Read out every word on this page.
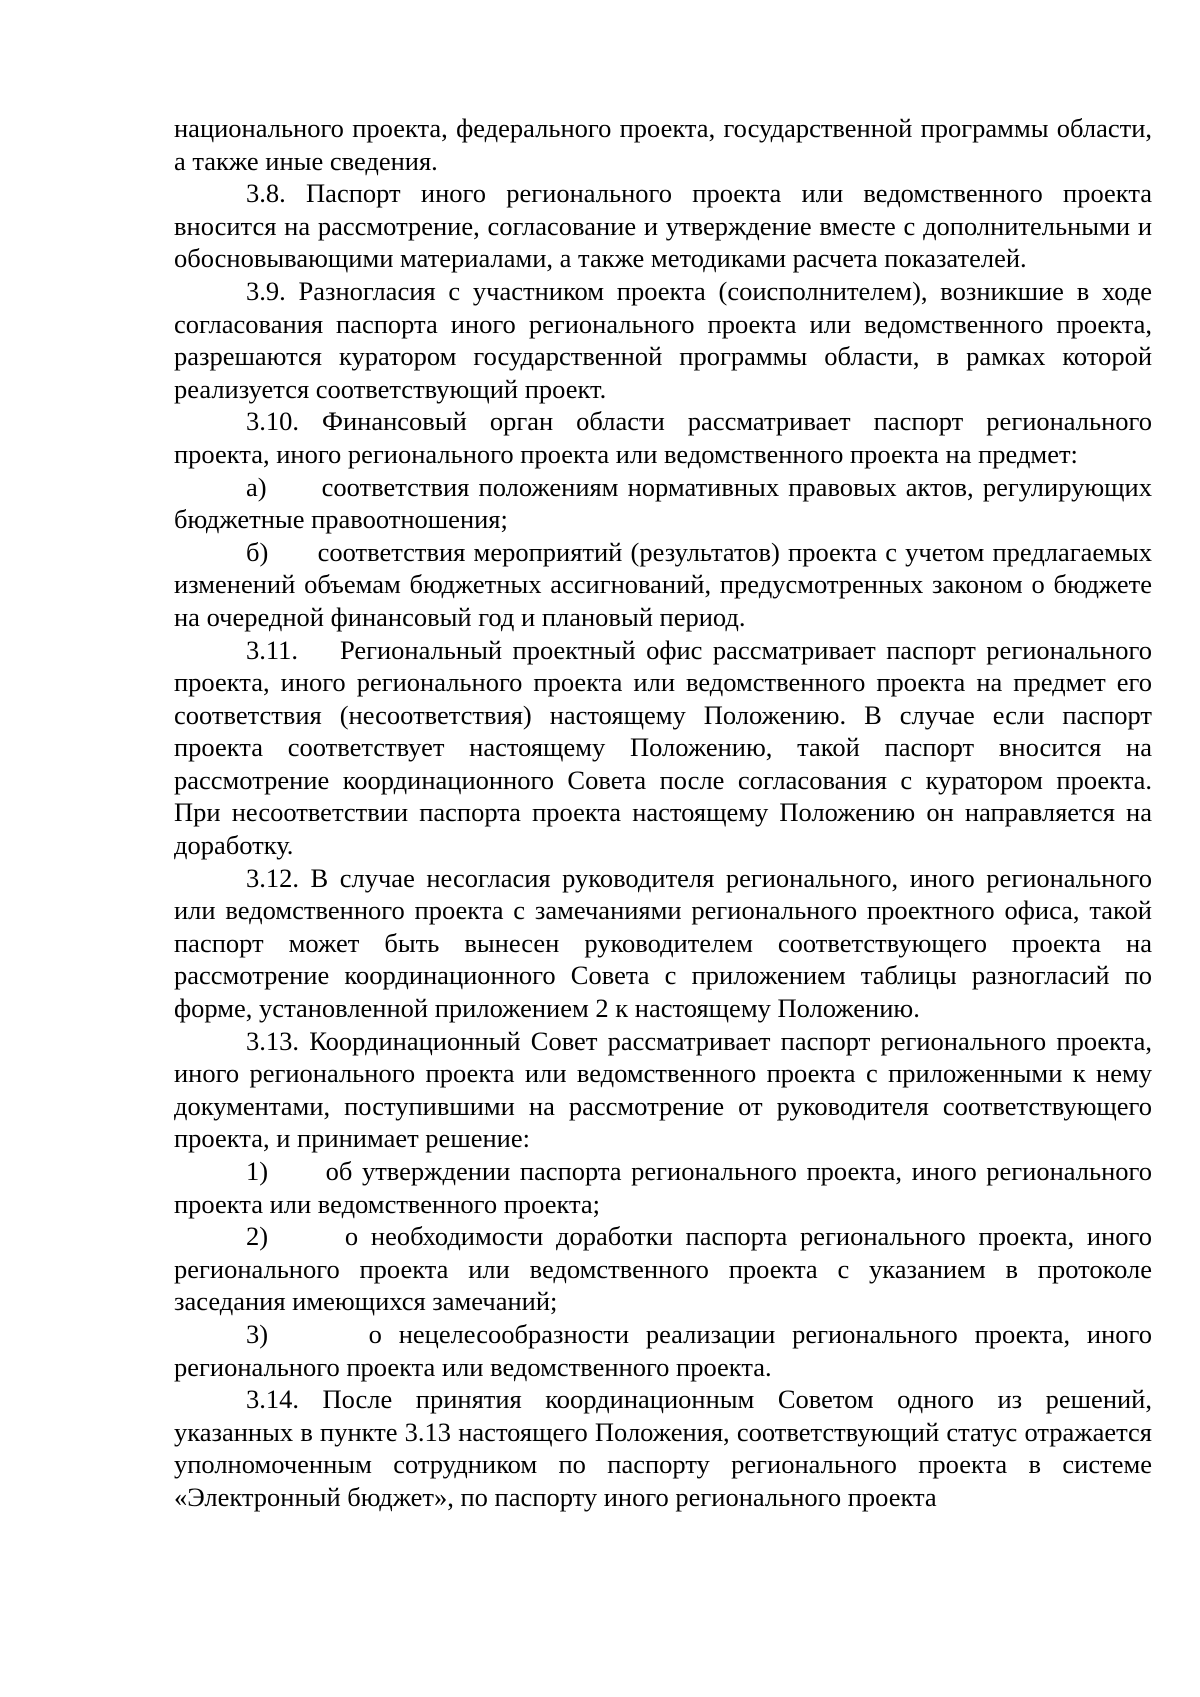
национального проекта, федерального проекта, государственной программы области, а также иные сведения.

3.8. Паспорт иного регионального проекта или ведомственного проекта вносится на рассмотрение, согласование и утверждение вместе с дополнительными и обосновывающими материалами, а также методиками расчета показателей.

3.9. Разногласия с участником проекта (соисполнителем), возникшие в ходе согласования паспорта иного регионального проекта или ведомственного проекта, разрешаются куратором государственной программы области, в рамках которой реализуется соответствующий проект.

3.10. Финансовый орган области рассматривает паспорт регионального проекта, иного регионального проекта или ведомственного проекта на предмет:

а)      соответствия положениям нормативных правовых актов, регулирующих бюджетные правоотношения;

б)      соответствия мероприятий (результатов) проекта с учетом предлагаемых изменений объемам бюджетных ассигнований, предусмотренных законом о бюджете на очередной финансовый год и плановый период.

3.11.    Региональный проектный офис рассматривает паспорт регионального проекта, иного регионального проекта или ведомственного проекта на предмет его соответствия (несоответствия) настоящему Положению. В случае если паспорт проекта соответствует настоящему Положению, такой паспорт вносится на рассмотрение координационного Совета после согласования с куратором проекта. При несоответствии паспорта проекта настоящему Положению он направляется на доработку.

3.12. В случае несогласия руководителя регионального, иного регионального или ведомственного проекта с замечаниями регионального проектного офиса, такой паспорт может быть вынесен руководителем соответствующего проекта на рассмотрение координационного Совета с приложением таблицы разногласий по форме, установленной приложением 2 к настоящему Положению.

3.13. Координационный Совет рассматривает паспорт регионального проекта, иного регионального проекта или ведомственного проекта с приложенными к нему документами, поступившими на рассмотрение от руководителя соответствующего проекта, и принимает решение:

1)      об утверждении паспорта регионального проекта, иного регионального проекта или ведомственного проекта;

2)      о необходимости доработки паспорта регионального проекта, иного регионального проекта или ведомственного проекта с указанием в протоколе заседания имеющихся замечаний;

3)      о нецелесообразности реализации регионального проекта, иного регионального проекта или ведомственного проекта.

3.14. После принятия координационным Советом одного из решений, указанных в пункте 3.13 настоящего Положения, соответствующий статус отражается уполномоченным сотрудником по паспорту регионального проекта в системе «Электронный бюджет», по паспорту иного регионального проекта
